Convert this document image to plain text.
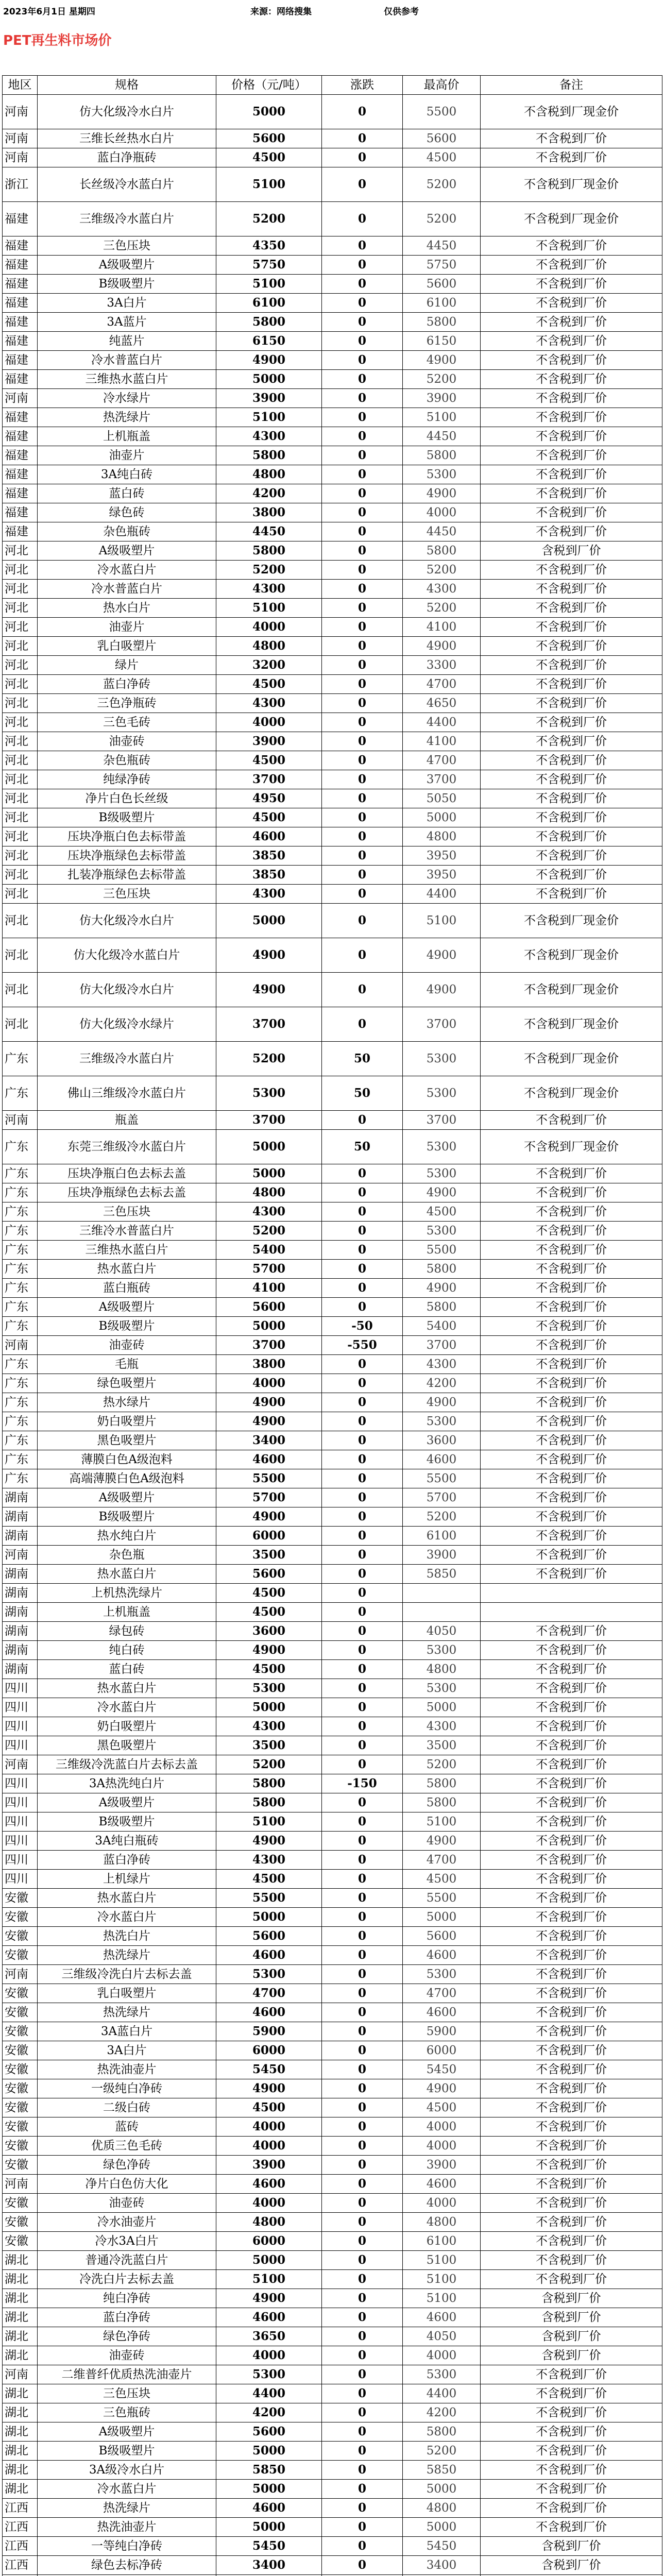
2023年6月1日 星期四	来源：网络搜集	仅供参考
PET再生料市场价
地区	规格	价格（元/吨）	涨跌	最高价	备注
河南	仿大化级冷水白片	5000	0	5500	不含税到厂现金价
河南	三维长丝热水白片	5600	0	5600	不含税到厂价
河南	蓝白净瓶砖	4500	0	4500	不含税到厂价
浙江	长丝级冷水蓝白片	5100	0	5200	不含税到厂现金价
福建	三维级冷水蓝白片	5200	0	5200	不含税到厂现金价
福建	三色压块	4350	0	4450	不含税到厂价
福建	A级吸塑片	5750	0	5750	不含税到厂价
福建	B级吸塑片	5100	0	5600	不含税到厂价
福建	3A白片	6100	0	6100	不含税到厂价
福建	3A蓝片	5800	0	5800	不含税到厂价
福建	纯蓝片	6150	0	6150	不含税到厂价
福建	冷水普蓝白片	4900	0	4900	不含税到厂价
福建	三维热水蓝白片	5000	0	5200	不含税到厂价
河南	冷水绿片	3900	0	3900	不含税到厂价
福建	热洗绿片	5100	0	5100	不含税到厂价
福建	上机瓶盖	4300	0	4450	不含税到厂价
福建	油壶片	5800	0	5800	不含税到厂价
福建	3A纯白砖	4800	0	5300	不含税到厂价
福建	蓝白砖	4200	0	4900	不含税到厂价
福建	绿色砖	3800	0	4000	不含税到厂价
福建	杂色瓶砖	4450	0	4450	不含税到厂价
河北	A级吸塑片	5800	0	5800	含税到厂价
河北	冷水蓝白片	5200	0	5200	不含税到厂价
河北	冷水普蓝白片	4300	0	4300	不含税到厂价
河北	热水白片	5100	0	5200	不含税到厂价
河北	油壶片	4000	0	4100	不含税到厂价
河北	乳白吸塑片	4800	0	4900	不含税到厂价
河北	绿片	3200	0	3300	不含税到厂价
河北	蓝白净砖	4500	0	4700	不含税到厂价
河北	三色净瓶砖	4300	0	4650	不含税到厂价
河北	三色毛砖	4000	0	4400	不含税到厂价
河北	油壶砖	3900	0	4100	不含税到厂价
河北	杂色瓶砖	4500	0	4700	不含税到厂价
河北	纯绿净砖	3700	0	3700	不含税到厂价
河北	净片白色长丝级	4950	0	5050	不含税到厂价
河北	B级吸塑片	4500	0	5000	不含税到厂价
河北	压块净瓶白色去标带盖	4600	0	4800	不含税到厂价
河北	压块净瓶绿色去标带盖	3850	0	3950	不含税到厂价
河北	扎装净瓶绿色去标带盖	3850	0	3950	不含税到厂价
河北	三色压块	4300	0	4400	不含税到厂价
河北	仿大化级冷水白片	5000	0	5100	不含税到厂现金价
河北	仿大化级冷水蓝白片	4900	0	4900	不含税到厂现金价
河北	仿大化级冷水白片	4900	0	4900	不含税到厂现金价
河北	仿大化级冷水绿片	3700	0	3700	不含税到厂现金价
广东	三维级冷水蓝白片	5200	50	5300	不含税到厂现金价
广东	佛山三维级冷水蓝白片	5300	50	5300	不含税到厂现金价
河南	瓶盖	3700	0	3700	不含税到厂价
广东	东莞三维级冷水蓝白片	5000	50	5300	不含税到厂现金价
广东	压块净瓶白色去标去盖	5000	0	5300	不含税到厂价
广东	压块净瓶绿色去标去盖	4800	0	4900	不含税到厂价
广东	三色压块	4300	0	4500	不含税到厂价
广东	三维冷水普蓝白片	5200	0	5300	不含税到厂价
广东	三维热水蓝白片	5400	0	5500	不含税到厂价
广东	热水蓝白片	5700	0	5800	不含税到厂价
广东	蓝白瓶砖	4100	0	4900	不含税到厂价
广东	A级吸塑片	5600	0	5800	不含税到厂价
广东	B级吸塑片	5000	-50	5400	不含税到厂价
河南	油壶砖	3700	-550	3700	不含税到厂价
广东	毛瓶	3800	0	4300	不含税到厂价
广东	绿色吸塑片	4000	0	4200	不含税到厂价
广东	热水绿片	4900	0	4900	不含税到厂价
广东	奶白吸塑片	4900	0	5300	不含税到厂价
广东	黑色吸塑片	3400	0	3600	不含税到厂价
广东	薄膜白色A级泡料	4600	0	4600	不含税到厂价
广东	高端薄膜白色A级泡料	5500	0	5500	不含税到厂价
湖南	A级吸塑片	5700	0	5700	不含税到厂价
湖南	B级吸塑片	4900	0	5200	不含税到厂价
湖南	热水纯白片	6000	0	6100	不含税到厂价
河南	杂色瓶	3500	0	3900	不含税到厂价
湖南	热水蓝白片	5600	0	5850	不含税到厂价
湖南	上机热洗绿片	4500	0		
湖南	上机瓶盖	4500	0		
湖南	绿包砖	3600	0	4050	不含税到厂价
湖南	纯白砖	4900	0	5300	不含税到厂价
湖南	蓝白砖	4500	0	4800	不含税到厂价
四川	热水蓝白片	5300	0	5300	不含税到厂价
四川	冷水蓝白片	5000	0	5000	不含税到厂价
四川	奶白吸塑片	4300	0	4300	不含税到厂价
四川	黑色吸塑片	3500	0	3500	不含税到厂价
河南	三维级冷洗蓝白片去标去盖	5200	0	5200	不含税到厂价
四川	3A热洗纯白片	5800	-150	5800	不含税到厂价
四川	A级吸塑片	5800	0	5800	不含税到厂价
四川	B级吸塑片	5100	0	5100	不含税到厂价
四川	3A纯白瓶砖	4900	0	4900	不含税到厂价
四川	蓝白净砖	4300	0	4700	不含税到厂价
四川	上机绿片	4500	0	4500	不含税到厂价
安徽	热水蓝白片	5500	0	5500	不含税到厂价
安徽	冷水蓝白片	5000	0	5000	不含税到厂价
安徽	热洗白片	5600	0	5600	不含税到厂价
安徽	热洗绿片	4600	0	4600	不含税到厂价
河南	三维级冷洗白片去标去盖	5300	0	5300	不含税到厂价
安徽	乳白吸塑片	4700	0	4700	不含税到厂价
安徽	热洗绿片	4600	0	4600	不含税到厂价
安徽	3A蓝白片	5900	0	5900	不含税到厂价
安徽	3A白片	6000	0	6000	不含税到厂价
安徽	热洗油壶片	5450	0	5450	不含税到厂价
安徽	一级纯白净砖	4900	0	4900	不含税到厂价
安徽	二级白砖	4500	0	4500	不含税到厂价
安徽	蓝砖	4000	0	4000	不含税到厂价
安徽	优质三色毛砖	4000	0	4000	不含税到厂价
安徽	绿色净砖	3900	0	3900	不含税到厂价
河南	净片白色仿大化	4600	0	4600	不含税到厂价
安徽	油壶砖	4000	0	4000	不含税到厂价
安徽	冷水油壶片	4800	0	4800	不含税到厂价
安徽	冷水3A白片	6000	0	6100	不含税到厂价
湖北	普通冷洗蓝白片	5000	0	5100	不含税到厂价
湖北	冷洗白片去标去盖	5100	0	5100	不含税到厂价
湖北	纯白净砖	4900	0	5100	含税到厂价
湖北	蓝白净砖	4600	0	4600	含税到厂价
湖北	绿色净砖	3650	0	4050	含税到厂价
湖北	油壶砖	4000	0	4000	含税到厂价
河南	二维普纤优质热洗油壶片	5300	0	5300	不含税到厂价
湖北	三色压块	4400	0	4400	不含税到厂价
湖北	三色瓶砖	4200	0	4200	不含税到厂价
湖北	A级吸塑片	5600	0	5800	不含税到厂价
湖北	B级吸塑片	5000	0	5200	不含税到厂价
湖北	3A级冷水白片	5850	0	5850	不含税到厂价
湖北	冷水蓝白片	5000	0	5000	不含税到厂价
江西	热洗绿片	4600	0	4800	不含税到厂价
江西	热洗油壶片	5000	0	5000	不含税到厂价
江西	一等纯白净砖	5450	0	5450	含税到厂价
江西	绿色去标净砖	3400	0	3400	含税到厂价
